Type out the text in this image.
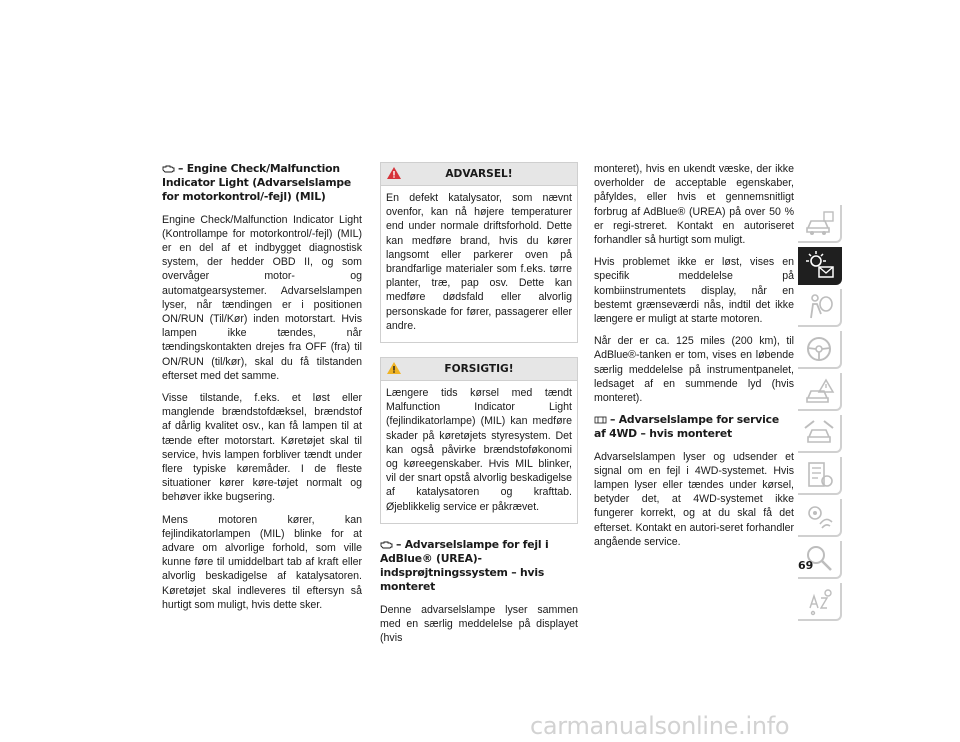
– Engine Check/Malfunction Indicator Light (Advarselslampe for motorkontrol/-fejl) (MIL)

Engine Check/Malfunction Indicator Light (Kontrollampe for motorkontrol/-fejl) (MIL) er en del af et indbygget diagnostisk system, der hedder OBD II, og som overvåger motor- og automatgearsystemer. Advarselslampen lyser, når tændingen er i positionen ON/RUN (Til/Kør) inden motorstart. Hvis lampen ikke tændes, når tændingskontakten drejes fra OFF (fra) til ON/RUN (til/kør), skal du få tilstanden efterset med det samme.

Visse tilstande, f.eks. et løst eller manglende brændstofdæksel, brændstof af dårlig kvalitet osv., kan få lampen til at tænde efter motorstart. Køretøjet skal til service, hvis lampen forbliver tændt under flere typiske køremåder. I de fleste situationer kører køre-tøjet normalt og behøver ikke bugsering.

Mens motoren kører, kan fejlindikatorlampen (MIL) blinke for at advare om alvorlige forhold, som ville kunne føre til umiddelbart tab af kraft eller alvorlig beskadigelse af katalysatoren. Køretøjet skal indleveres til eftersyn så hurtigt som muligt, hvis dette sker.

ADVARSEL!

En defekt katalysator, som nævnt ovenfor, kan nå højere temperaturer end under normale driftsforhold. Dette kan medføre brand, hvis du kører langsomt eller parkerer oven på brandfarlige materialer som f.eks. tørre planter, træ, pap osv. Dette kan medføre dødsfald eller alvorlig personskade for fører, passagerer eller andre.

FORSIGTIG!

Længere tids kørsel med tændt Malfunction Indicator Light (fejlindikatorlampe) (MIL) kan medføre skader på køretøjets styresystem. Det kan også påvirke brændstoføkonomi og køreegenskaber. Hvis MIL blinker, vil der snart opstå alvorlig beskadigelse af katalysatoren og krafttab. Øjeblikkelig service er påkrævet.

– Advarselslampe for fejl i AdBlue® (UREA)-indsprøjtningssystem – hvis monteret

Denne advarselslampe lyser sammen med en særlig meddelelse på displayet (hvis

monteret), hvis en ukendt væske, der ikke overholder de acceptable egenskaber, påfyldes, eller hvis et gennemsnitligt forbrug af AdBlue® (UREA) på over 50 % er regi-streret. Kontakt en autoriseret forhandler så hurtigt som muligt.

Hvis problemet ikke er løst, vises en specifik meddelelse på kombiinstrumentets display, når en bestemt grænseværdi nås, indtil det ikke længere er muligt at starte motoren.

Når der er ca. 125 miles (200 km), til AdBlue®-tanken er tom, vises en løbende særlig meddelelse på instrumentpanelet, ledsaget af en summende lyd (hvis monteret).

– Advarselslampe for service af 4WD – hvis monteret

Advarselslampen lyser og udsender et signal om en fejl i 4WD-systemet. Hvis lampen lyser eller tændes under kørsel, betyder det, at 4WD-systemet ikke fungerer korrekt, og at du skal få det efterset. Kontakt en autori-seret forhandler angående service.

69
carmanualsonline.info
